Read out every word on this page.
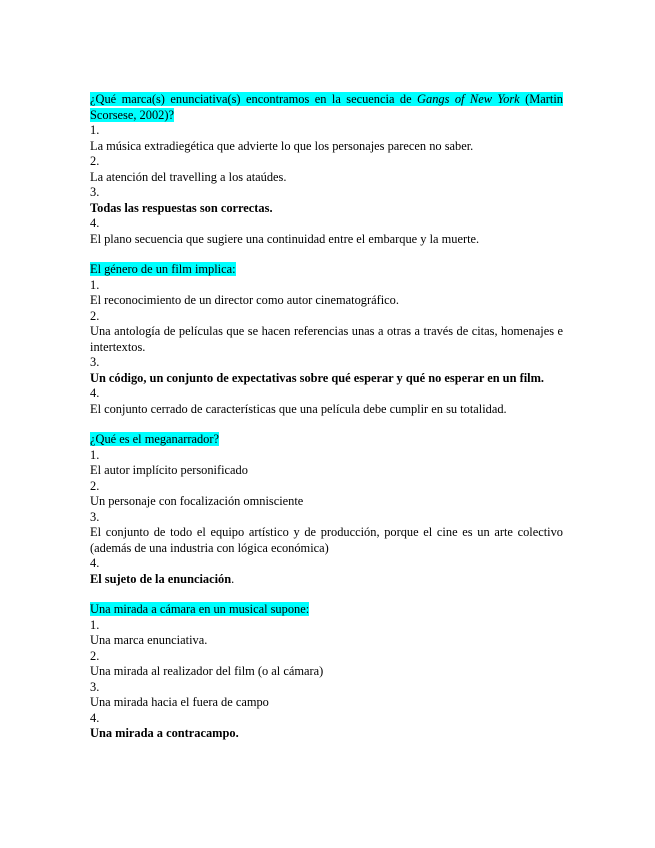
¿Qué marca(s) enunciativa(s) encontramos en la secuencia de Gangs of New York (Martin Scorsese, 2002)?
1.
La música extradiegética que advierte lo que los personajes parecen no saber.
2.
La atención del travelling a los ataúdes.
3.
Todas las respuestas son correctas.
4.
El plano secuencia que sugiere una continuidad entre el embarque y la muerte.
El género de un film implica:
1.
El reconocimiento de un director como autor cinematográfico.
2.
Una antología de películas que se hacen referencias unas a otras a través de citas, homenajes e intertextos.
3.
Un código, un conjunto de expectativas sobre qué esperar y qué no esperar en un film.
4.
El conjunto cerrado de características que una película debe cumplir en su totalidad.
¿Qué es el meganarrador?
1.
El autor implícito personificado
2.
Un personaje con focalización omnisciente
3.
El conjunto de todo el equipo artístico y de producción, porque el cine es un arte colectivo (además de una industria con lógica económica)
4.
El sujeto de la enunciación.
Una mirada a cámara en un musical supone:
1.
Una marca enunciativa.
2.
Una mirada al realizador del film (o al cámara)
3.
Una mirada hacia el fuera de campo
4.
Una mirada a contracampo.
